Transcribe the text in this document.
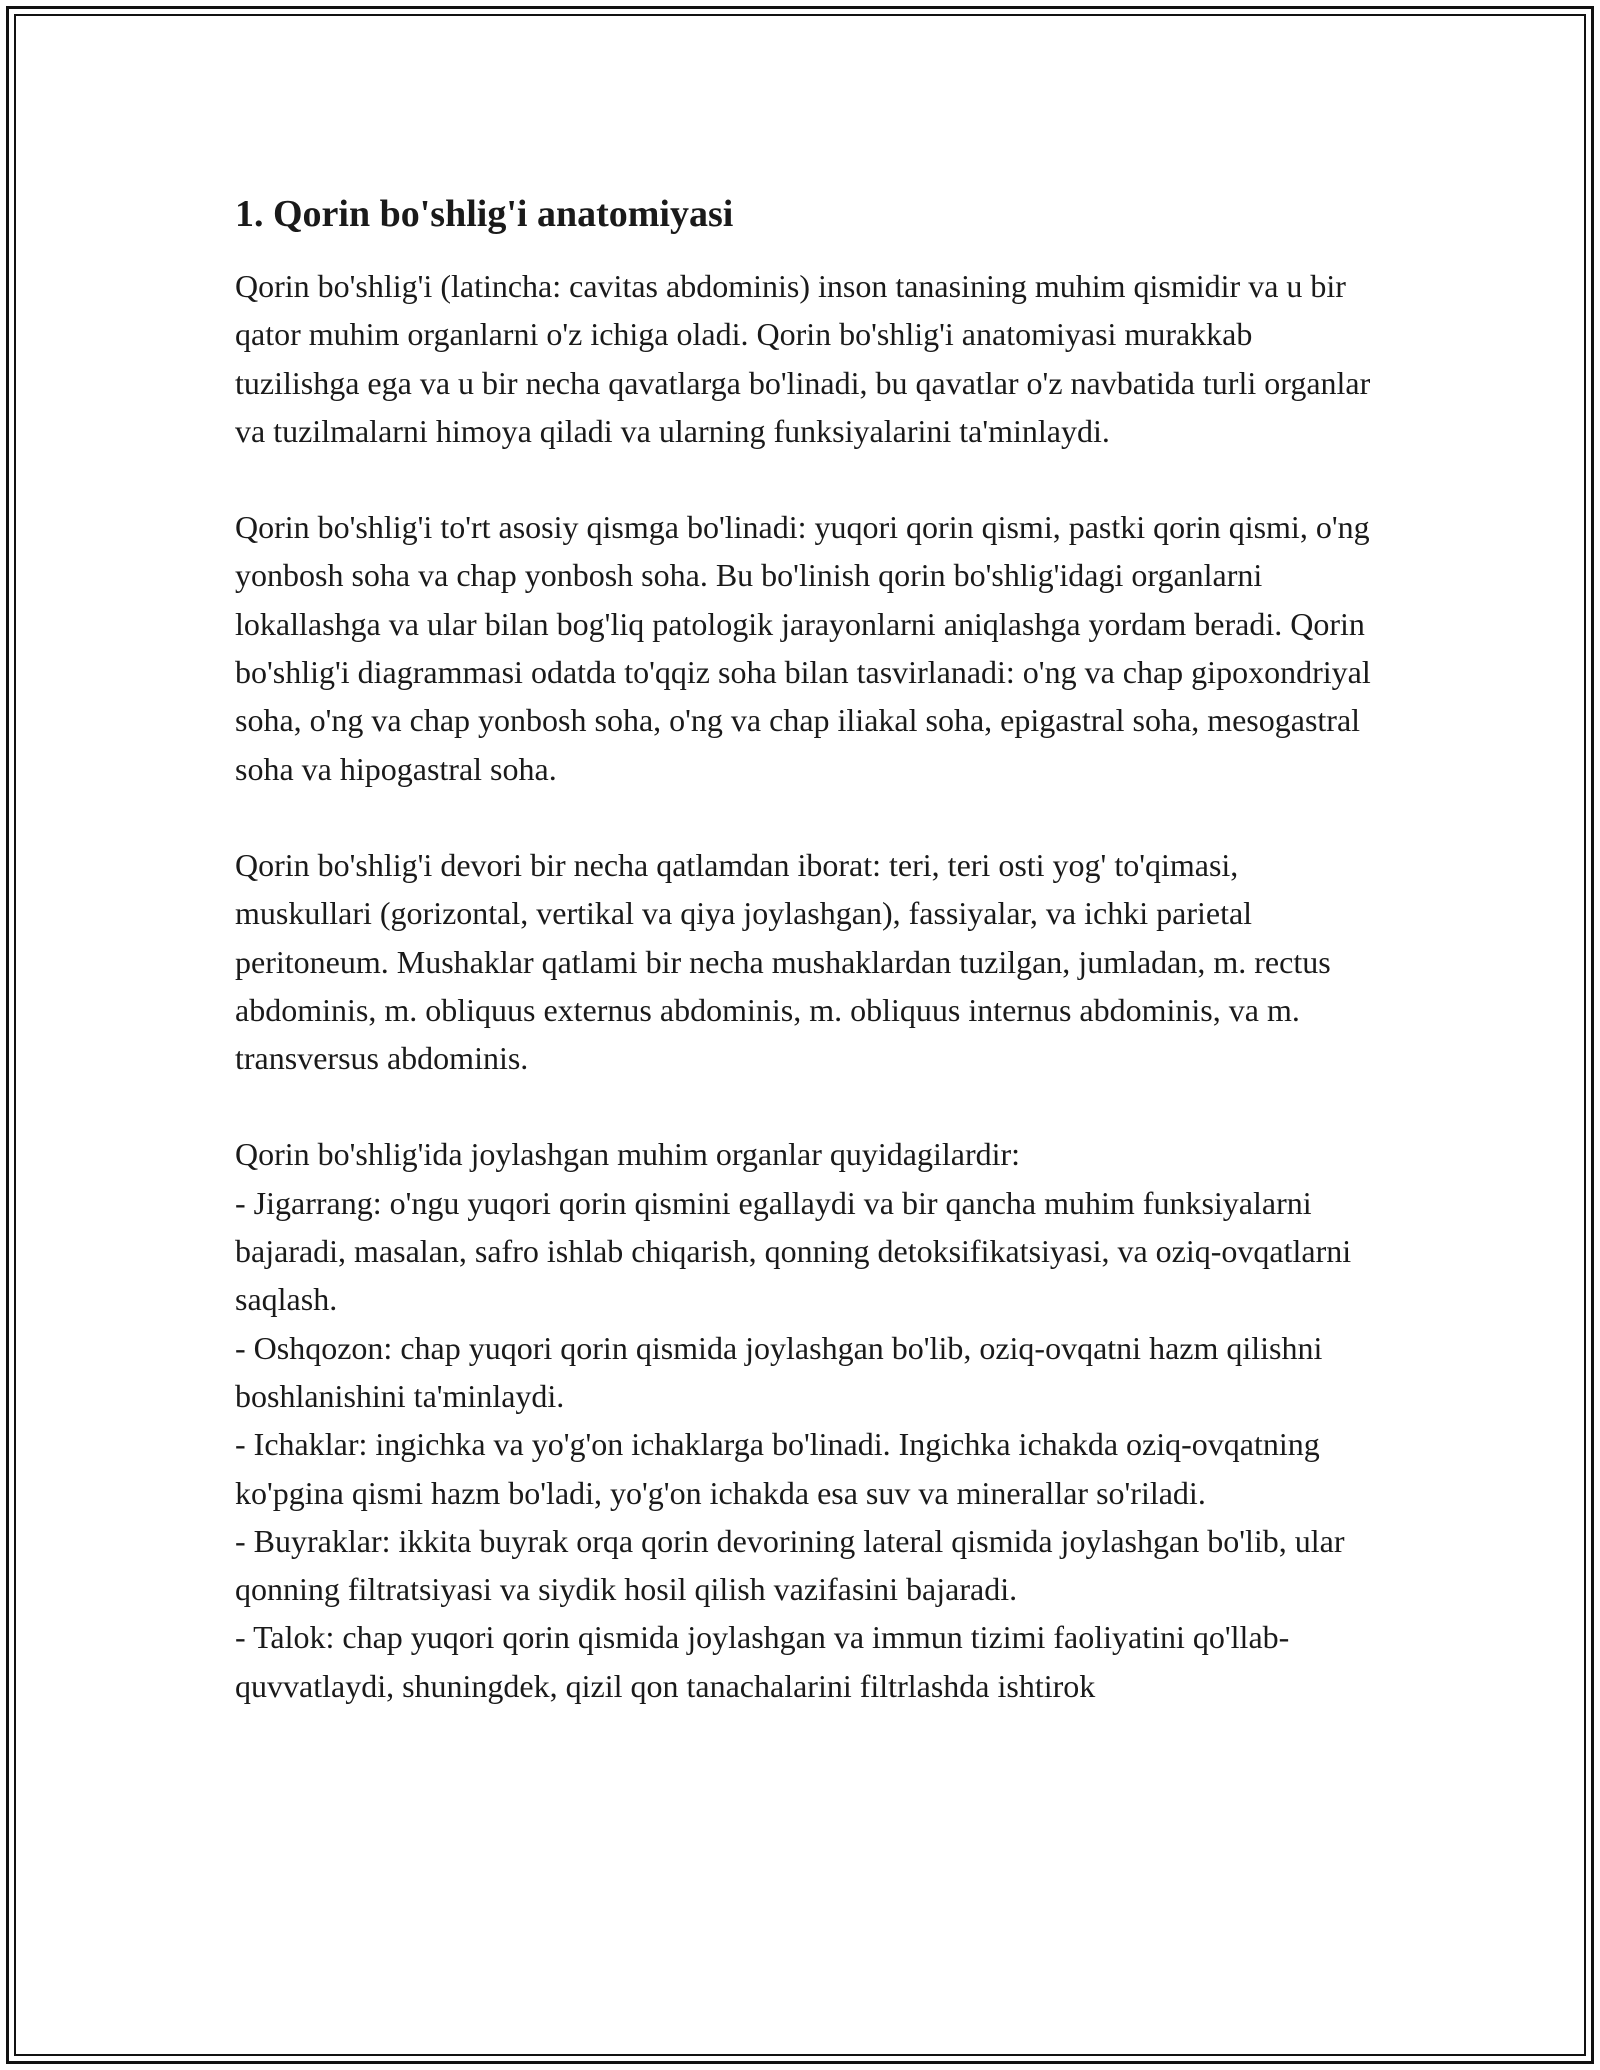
1. Qorin bo'shlig'i anatomiyasi

Qorin bo'shlig'i (latincha: cavitas abdominis) inson tanasining muhim qismidir va u bir qator muhim organlarni o'z ichiga oladi. Qorin bo'shlig'i anatomiyasi murakkab tuzilishga ega va u bir necha qavatlarga bo'linadi, bu qavatlar o'z navbatida turli organlar va tuzilmalarni himoya qiladi va ularning funksiyalarini ta'minlaydi.

Qorin bo'shlig'i to'rt asosiy qismga bo'linadi: yuqori qorin qismi, pastki qorin qismi, o'ng yonbosh soha va chap yonbosh soha. Bu bo'linish qorin bo'shlig'idagi organlarni lokallashga va ular bilan bog'liq patologik jarayonlarni aniqlashga yordam beradi. Qorin bo'shlig'i diagrammasi odatda to'qqiz soha bilan tasvirlanadi: o'ng va chap gipoxondriyal soha, o'ng va chap yonbosh soha, o'ng va chap iliakal soha, epigastral soha, mesogastral soha va hipogastral soha.

Qorin bo'shlig'i devori bir necha qatlamdan iborat: teri, teri osti yog' to'qimasi, muskullari (gorizontal, vertikal va qiya joylashgan), fassiyalar, va ichki parietal peritoneum. Mushaklar qatlami bir necha mushaklardan tuzilgan, jumladan, m. rectus abdominis, m. obliquus externus abdominis, m. obliquus internus abdominis, va m. transversus abdominis.

Qorin bo'shlig'ida joylashgan muhim organlar quyidagilardir:

- Jigarrang: o'ngu yuqori qorin qismini egallaydi va bir qancha muhim funksiyalarni bajaradi, masalan, safro ishlab chiqarish, qonning detoksifikatsiyasi, va oziq-ovqatlarni saqlash.
- Oshqozon: chap yuqori qorin qismida joylashgan bo'lib, oziq-ovqatni hazm qilishni boshlanishini ta'minlaydi.
- Ichaklar: ingichka va yo'g'on ichaklarga bo'linadi. Ingichka ichakda oziq-ovqatning ko'pgina qismi hazm bo'ladi, yo'g'on ichakda esa suv va minerallar so'riladi.
- Buyraklar: ikkita buyrak orqa qorin devorining lateral qismida joylashgan bo'lib, ular qonning filtratsiyasi va siydik hosil qilish vazifasini bajaradi.
- Talok: chap yuqori qorin qismida joylashgan va immun tizimi faoliyatini qo'llab-quvvatlaydi, shuningdek, qizil qon tanachalarini filtrlashda ishtirok
